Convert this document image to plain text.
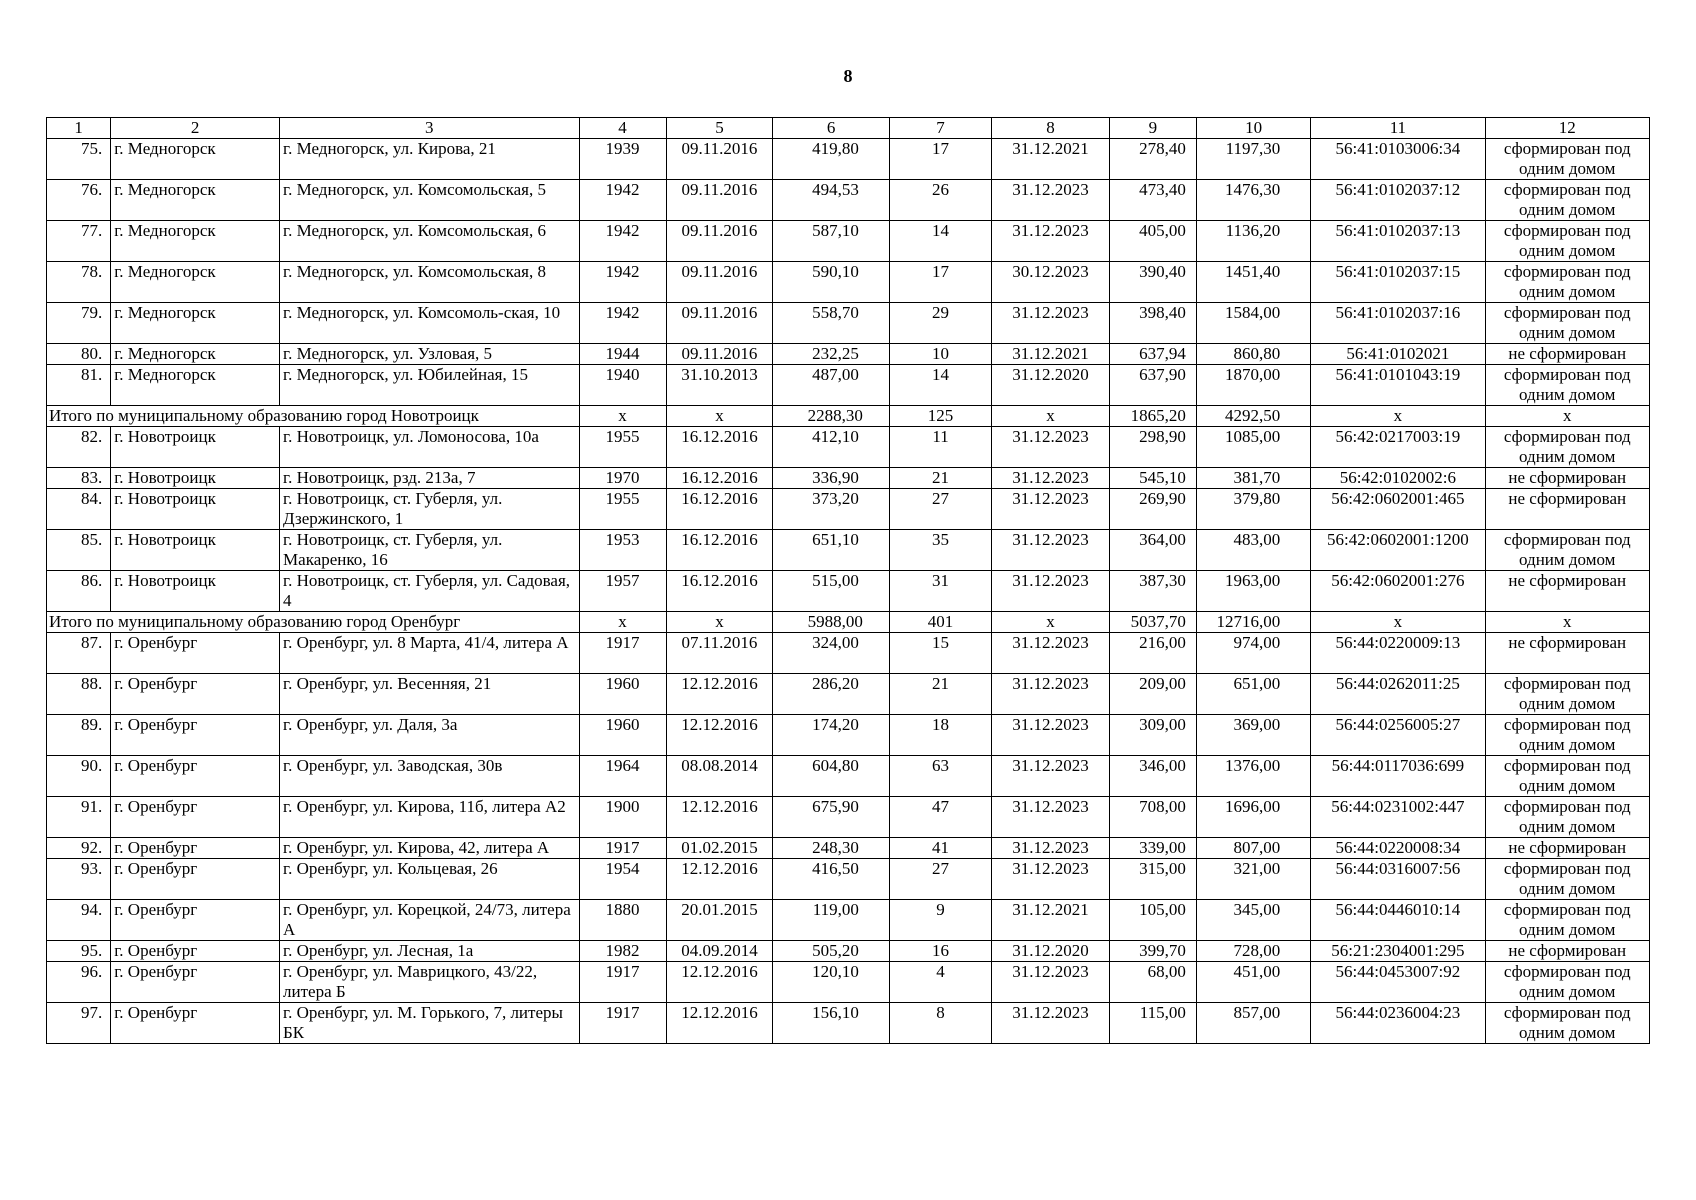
8
1	2	3	4	5	6	7	8	9	10	11	12
75.	г. Медногорск	г. Медногорск, ул. Кирова, 21	1939	09.11.2016	419,80	17	31.12.2021	278,40	1197,30	56:41:0103006:34	сформирован под одним домом
76.	г. Медногорск	г. Медногорск, ул. Комсомольская, 5	1942	09.11.2016	494,53	26	31.12.2023	473,40	1476,30	56:41:0102037:12	сформирован под одним домом
77.	г. Медногорск	г. Медногорск, ул. Комсомольская, 6	1942	09.11.2016	587,10	14	31.12.2023	405,00	1136,20	56:41:0102037:13	сформирован под одним домом
78.	г. Медногорск	г. Медногорск, ул. Комсомольская, 8	1942	09.11.2016	590,10	17	30.12.2023	390,40	1451,40	56:41:0102037:15	сформирован под одним домом
79.	г. Медногорск	г. Медногорск, ул. Комсомоль-ская, 10	1942	09.11.2016	558,70	29	31.12.2023	398,40	1584,00	56:41:0102037:16	сформирован под одним домом
80.	г. Медногорск	г. Медногорск, ул. Узловая, 5	1944	09.11.2016	232,25	10	31.12.2021	637,94	860,80	56:41:0102021	не сформирован
81.	г. Медногорск	г. Медногорск, ул. Юбилейная, 15	1940	31.10.2013	487,00	14	31.12.2020	637,90	1870,00	56:41:0101043:19	сформирован под одним домом
Итого по муниципальному образованию город Новотроицк			х	х	2288,30	125	х	1865,20	4292,50	х	х
82.	г. Новотроицк	г. Новотроицк, ул. Ломоносова, 10а	1955	16.12.2016	412,10	11	31.12.2023	298,90	1085,00	56:42:0217003:19	сформирован под одним домом
83.	г. Новотроицк	г. Новотроицк, рзд. 213а, 7	1970	16.12.2016	336,90	21	31.12.2023	545,10	381,70	56:42:0102002:6	не сформирован
84.	г. Новотроицк	г. Новотроицк, ст. Губерля, ул. Дзержинского, 1	1955	16.12.2016	373,20	27	31.12.2023	269,90	379,80	56:42:0602001:465	не сформирован
85.	г. Новотроицк	г. Новотроицк, ст. Губерля, ул. Макаренко, 16	1953	16.12.2016	651,10	35	31.12.2023	364,00	483,00	56:42:0602001:1200	сформирован под одним домом
86.	г. Новотроицк	г. Новотроицк, ст. Губерля, ул. Садовая, 4	1957	16.12.2016	515,00	31	31.12.2023	387,30	1963,00	56:42:0602001:276	не сформирован
Итого по муниципальному образованию город Оренбург			х	х	5988,00	401	х	5037,70	12716,00	х	х
87.	г. Оренбург	г. Оренбург, ул. 8 Марта, 41/4, литера А	1917	07.11.2016	324,00	15	31.12.2023	216,00	974,00	56:44:0220009:13	не сформирован
88.	г. Оренбург	г. Оренбург, ул. Весенняя, 21	1960	12.12.2016	286,20	21	31.12.2023	209,00	651,00	56:44:0262011:25	сформирован под одним домом
89.	г. Оренбург	г. Оренбург, ул. Даля, 3а	1960	12.12.2016	174,20	18	31.12.2023	309,00	369,00	56:44:0256005:27	сформирован под одним домом
90.	г. Оренбург	г. Оренбург, ул. Заводская, 30в	1964	08.08.2014	604,80	63	31.12.2023	346,00	1376,00	56:44:0117036:699	сформирован под одним домом
91.	г. Оренбург	г. Оренбург, ул. Кирова, 11б, литера А2	1900	12.12.2016	675,90	47	31.12.2023	708,00	1696,00	56:44:0231002:447	сформирован под одним домом
92.	г. Оренбург	г. Оренбург, ул. Кирова, 42, литера А	1917	01.02.2015	248,30	41	31.12.2023	339,00	807,00	56:44:0220008:34	не сформирован
93.	г. Оренбург	г. Оренбург, ул. Кольцевая, 26	1954	12.12.2016	416,50	27	31.12.2023	315,00	321,00	56:44:0316007:56	сформирован под одним домом
94.	г. Оренбург	г. Оренбург, ул. Корецкой, 24/73, литера А	1880	20.01.2015	119,00	9	31.12.2021	105,00	345,00	56:44:0446010:14	сформирован под одним домом
95.	г. Оренбург	г. Оренбург, ул. Лесная, 1а	1982	04.09.2014	505,20	16	31.12.2020	399,70	728,00	56:21:2304001:295	не сформирован
96.	г. Оренбург	г. Оренбург, ул. Маврицкого, 43/22, литера Б	1917	12.12.2016	120,10	4	31.12.2023	68,00	451,00	56:44:0453007:92	сформирован под одним домом
97.	г. Оренбург	г. Оренбург, ул. М. Горького, 7, литеры БК	1917	12.12.2016	156,10	8	31.12.2023	115,00	857,00	56:44:0236004:23	сформирован под одним домом
